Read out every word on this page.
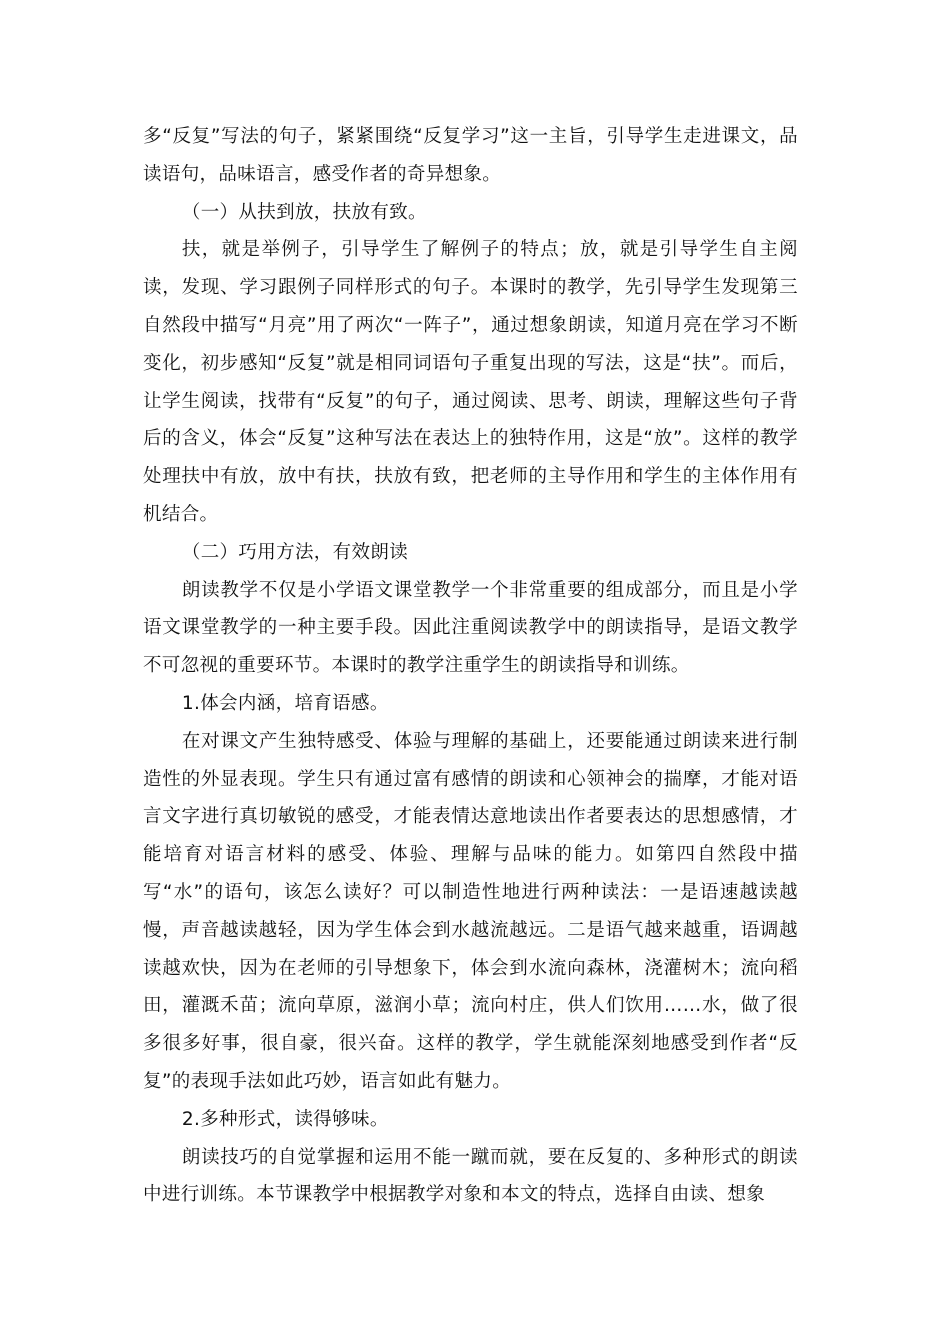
多“反复”写法的句子，紧紧围绕“反复学习”这一主旨，引导学生走进课文，品读语句，品味语言，感受作者的奇异想象。

（一）从扶到放，扶放有致。

扶，就是举例子，引导学生了解例子的特点；放，就是引导学生自主阅读，发现、学习跟例子同样形式的句子。本课时的教学，先引导学生发现第三自然段中描写“月亮”用了两次“一阵子”，通过想象朗读，知道月亮在学习不断变化，初步感知“反复”就是相同词语句子重复出现的写法，这是“扶”。而后，让学生阅读，找带有“反复”的句子，通过阅读、思考、朗读，理解这些句子背后的含义，体会“反复”这种写法在表达上的独特作用，这是“放”。这样的教学处理扶中有放，放中有扶，扶放有致，把老师的主导作用和学生的主体作用有机结合。

（二）巧用方法，有效朗读

朗读教学不仅是小学语文课堂教学一个非常重要的组成部分，而且是小学语文课堂教学的一种主要手段。因此注重阅读教学中的朗读指导，是语文教学不可忽视的重要环节。本课时的教学注重学生的朗读指导和训练。

1.体会内涵，培育语感。

在对课文产生独特感受、体验与理解的基础上，还要能通过朗读来进行制造性的外显表现。学生只有通过富有感情的朗读和心领神会的揣摩，才能对语言文字进行真切敏锐的感受，才能表情达意地读出作者要表达的思想感情，才能培育对语言材料的感受、体验、理解与品味的能力。如第四自然段中描写“水”的语句，该怎么读好？可以制造性地进行两种读法：一是语速越读越慢，声音越读越轻，因为学生体会到水越流越远。二是语气越来越重，语调越读越欢快，因为在老师的引导想象下，体会到水流向森林，浇灌树木；流向稻田，灌溉禾苗；流向草原，滋润小草；流向村庄，供人们饮用……水，做了很多很多好事，很自豪，很兴奋。这样的教学，学生就能深刻地感受到作者“反复”的表现手法如此巧妙，语言如此有魅力。

2.多种形式，读得够味。

朗读技巧的自觉掌握和运用不能一蹴而就，要在反复的、多种形式的朗读中进行训练。本节课教学中根据教学对象和本文的特点，选择自由读、想象
